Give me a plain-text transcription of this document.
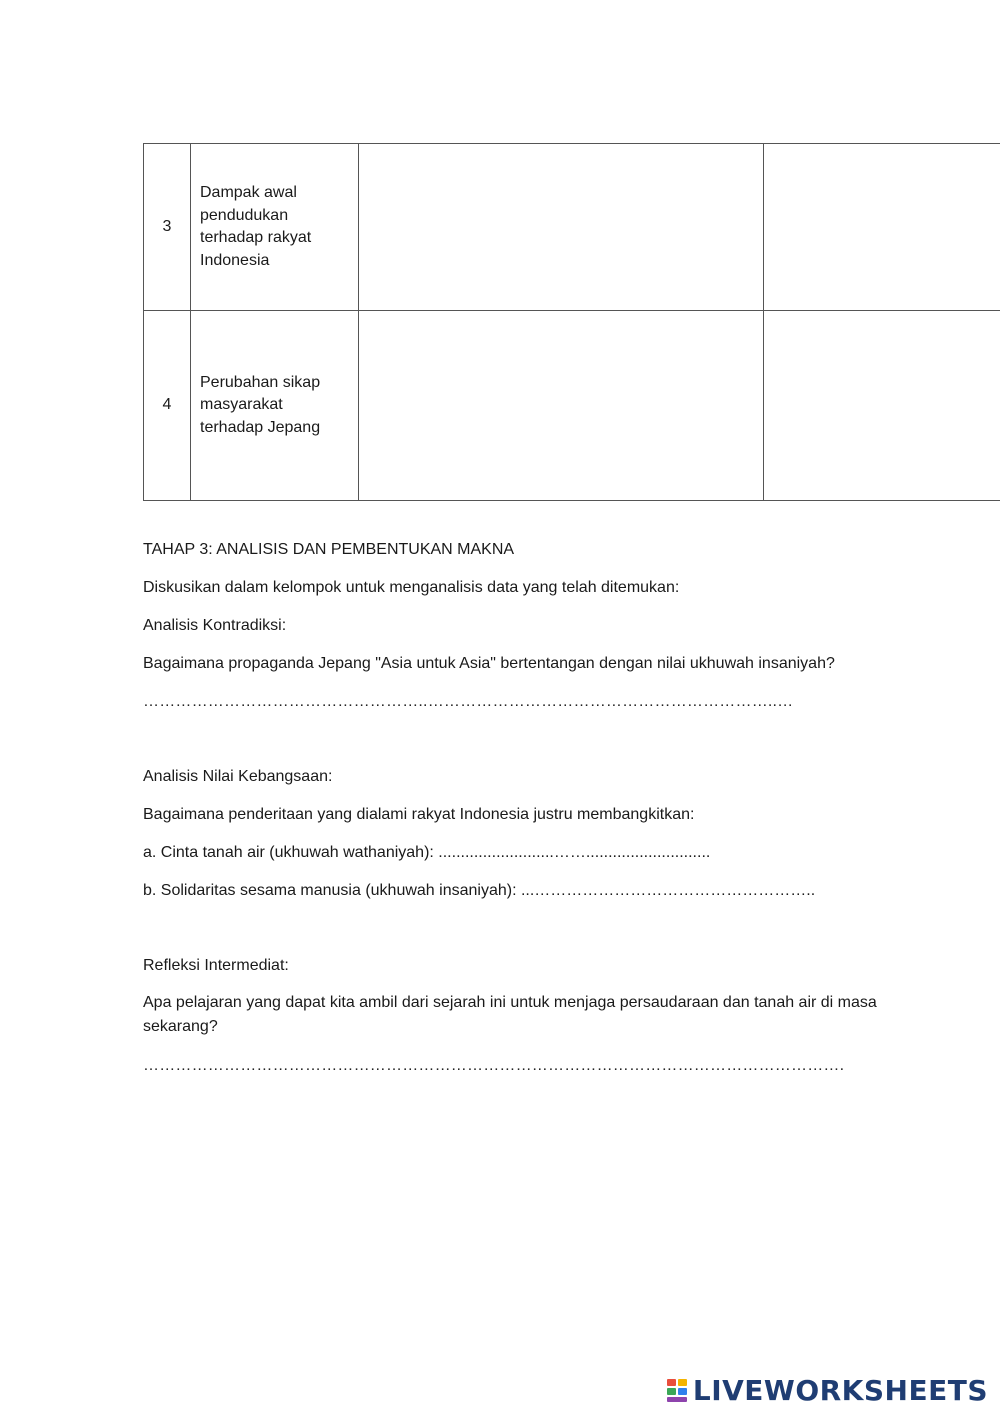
3	Dampak awal pendudukan terhadap rakyat Indonesia		

4	Perubahan sikap masyarakat terhadap Jepang		

TAHAP 3: ANALISIS DAN PEMBENTUKAN MAKNA
Diskusikan dalam kelompok untuk menganalisis data yang telah ditemukan:
Analisis Kontradiksi:
Bagaimana propaganda Jepang "Asia untuk Asia" bertentangan dengan nilai ukhuwah insaniyah?
……………………………………………..………………………………………………………..…
Analisis Nilai Kebangsaan:
Bagaimana penderitaan yang dialami rakyat Indonesia justru membangkitkan:
a. Cinta tanah air (ukhuwah wathaniyah): ..........................……............................
b. Solidaritas sesama manusia (ukhuwah insaniyah): ...……………………………………………..
Refleksi Intermediat:
Apa pelajaran yang dapat kita ambil dari sejarah ini untuk menjaga persaudaraan dan tanah air di masa sekarang?
………………………………………………………………………………………………………………….
LIVEWORKSHEETS
